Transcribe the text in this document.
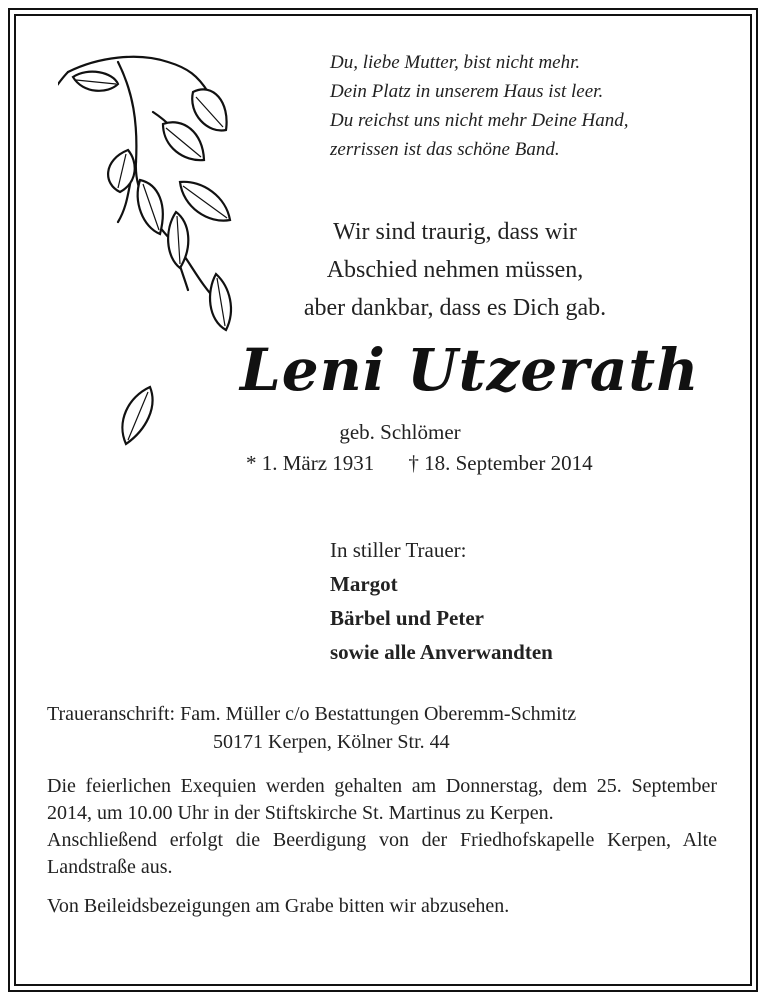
Du, liebe Mutter, bist nicht mehr.
Dein Platz in unserem Haus ist leer.
Du reichst uns nicht mehr Deine Hand,
zerrissen ist das schöne Band.
Wir sind traurig, dass wir
Abschied nehmen müssen,
aber dankbar, dass es Dich gab.
Leni Utzerath
geb. Schlömer
* 1. März 1931 † 18. September 2014
In stiller Trauer:
Margot
Bärbel und Peter
sowie alle Anverwandten
Traueranschrift: Fam. Müller c/o Bestattungen Oberemm-Schmitz
50171 Kerpen, Kölner Str. 44

Die feierlichen Exequien werden gehalten am Donnerstag, dem 25. September 2014, um 10.00 Uhr in der Stiftskirche St. Martinus zu Kerpen.

Anschließend erfolgt die Beerdigung von der Friedhofskapelle Kerpen, Alte Landstraße aus.

Von Beileidsbezeigungen am Grabe bitten wir abzusehen.
